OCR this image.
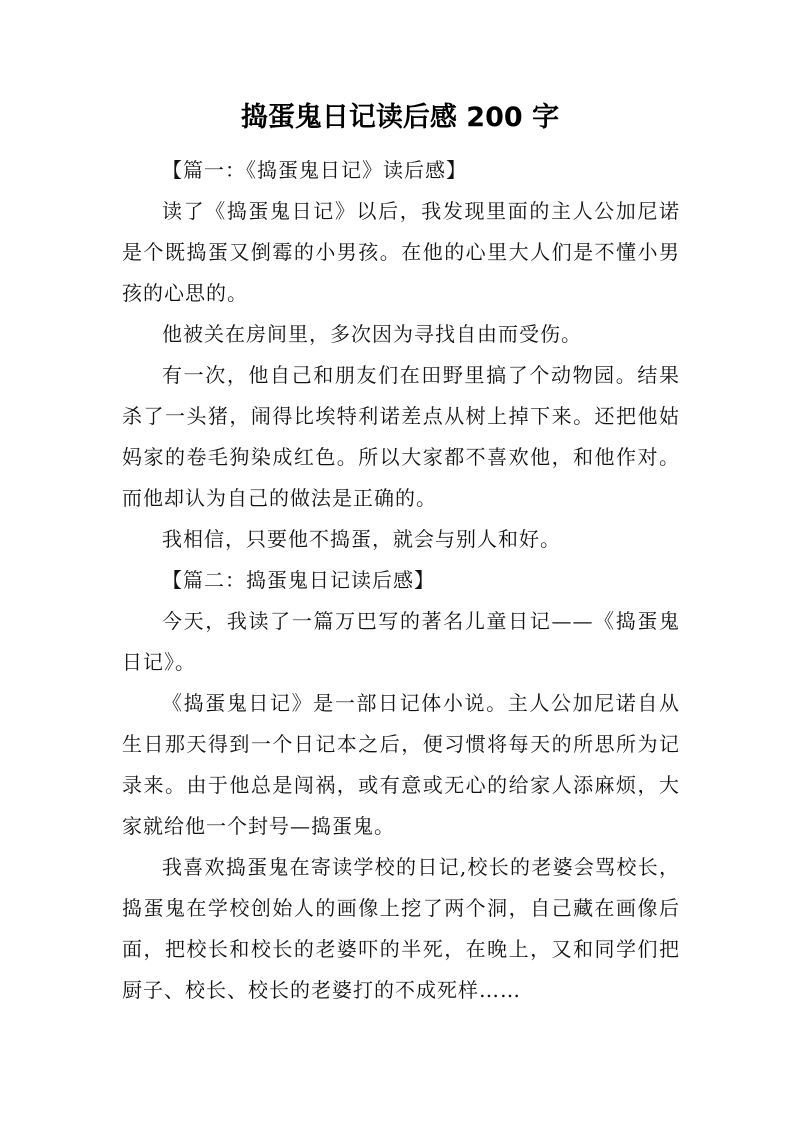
捣蛋鬼日记读后感 200 字

【篇一：《捣蛋鬼日记》读后感】

读了《捣蛋鬼日记》以后，我发现里面的主人公加尼诺是个既捣蛋又倒霉的小男孩。在他的心里大人们是不懂小男孩的心思的。

他被关在房间里，多次因为寻找自由而受伤。

有一次，他自己和朋友们在田野里搞了个动物园。结果杀了一头猪，闹得比埃特利诺差点从树上掉下来。还把他姑妈家的卷毛狗染成红色。所以大家都不喜欢他，和他作对。而他却认为自己的做法是正确的。

我相信，只要他不捣蛋，就会与别人和好。

【篇二：捣蛋鬼日记读后感】

今天，我读了一篇万巴写的著名儿童日记——《捣蛋鬼日记》。

《捣蛋鬼日记》是一部日记体小说。主人公加尼诺自从生日那天得到一个日记本之后，便习惯将每天的所思所为记录来。由于他总是闯祸，或有意或无心的给家人添麻烦，大家就给他一个封号—捣蛋鬼。

我喜欢捣蛋鬼在寄读学校的日记,校长的老婆会骂校长，捣蛋鬼在学校创始人的画像上挖了两个洞，自己藏在画像后面，把校长和校长的老婆吓的半死，在晚上，又和同学们把厨子、校长、校长的老婆打的不成死样……
